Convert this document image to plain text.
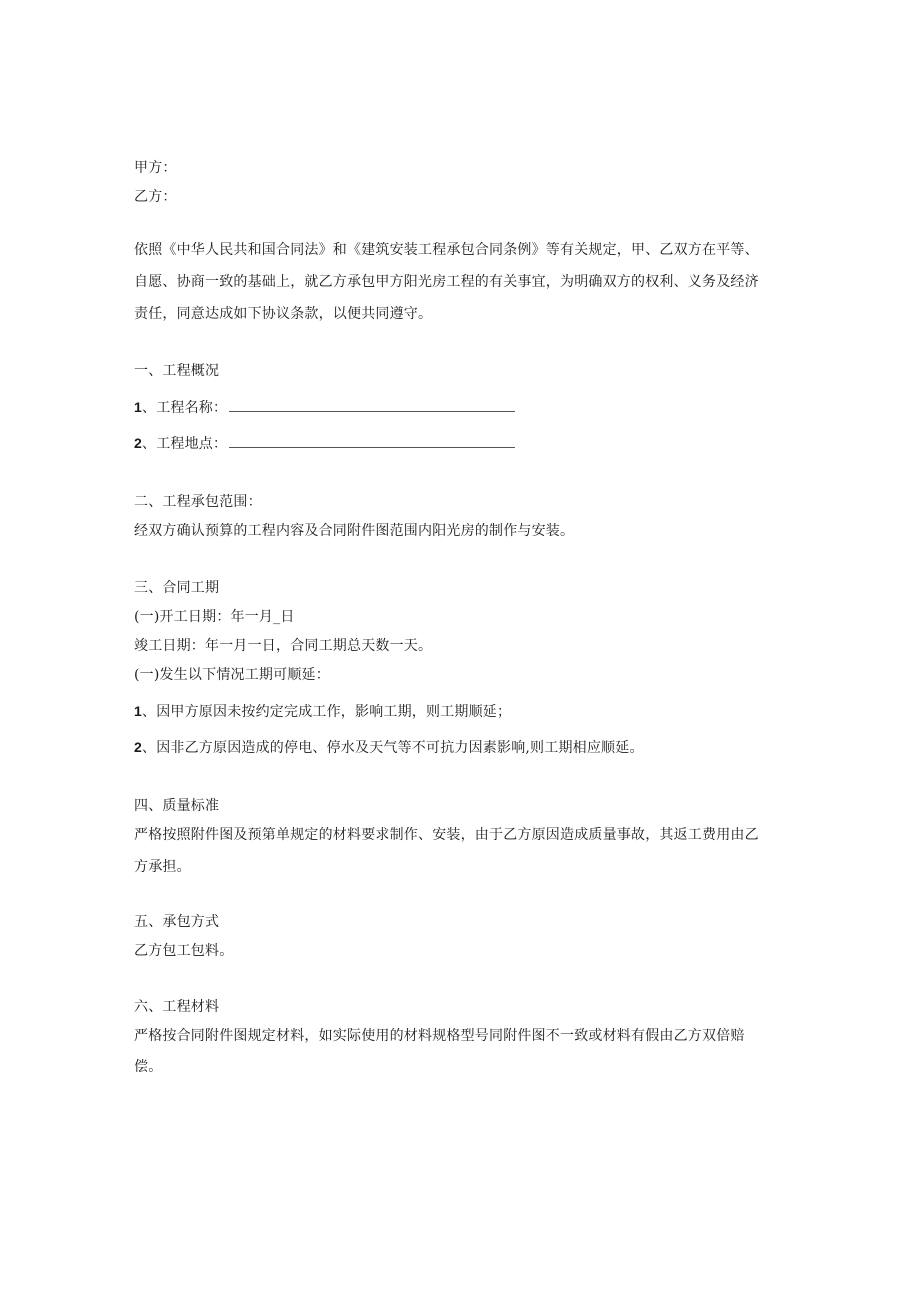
甲方：
乙方：
依照《中华人民共和国合同法》和《建筑安装工程承包合同条例》等有关规定，甲、乙双方在平等、
自愿、协商一致的基础上，就乙方承包甲方阳光房工程的有关事宜，为明确双方的权利、义务及经济
责任，同意达成如下协议条款，以便共同遵守。
一、工程概况
1、工程名称：
2、工程地点：
二、工程承包范围：
经双方确认预算的工程内容及合同附件图范围内阳光房的制作与安装。
三、合同工期
(一)开工日期：年一月_日
竣工日期：年一月一日，合同工期总天数一天。
(一)发生以下情况工期可顺延：
1、因甲方原因未按约定完成工作，影响工期，则工期顺延；
2、因非乙方原因造成的停电、停水及天气等不可抗力因素影响,则工期相应顺延。
四、质量标准
严格按照附件图及预第单规定的材料要求制作、安装，由于乙方原因造成质量事故，其返工费用由乙
方承担。
五、承包方式
乙方包工包料。
六、工程材料
严格按合同附件图规定材料，如实际使用的材料规格型号同附件图不一致或材料有假由乙方双倍赔
偿。
